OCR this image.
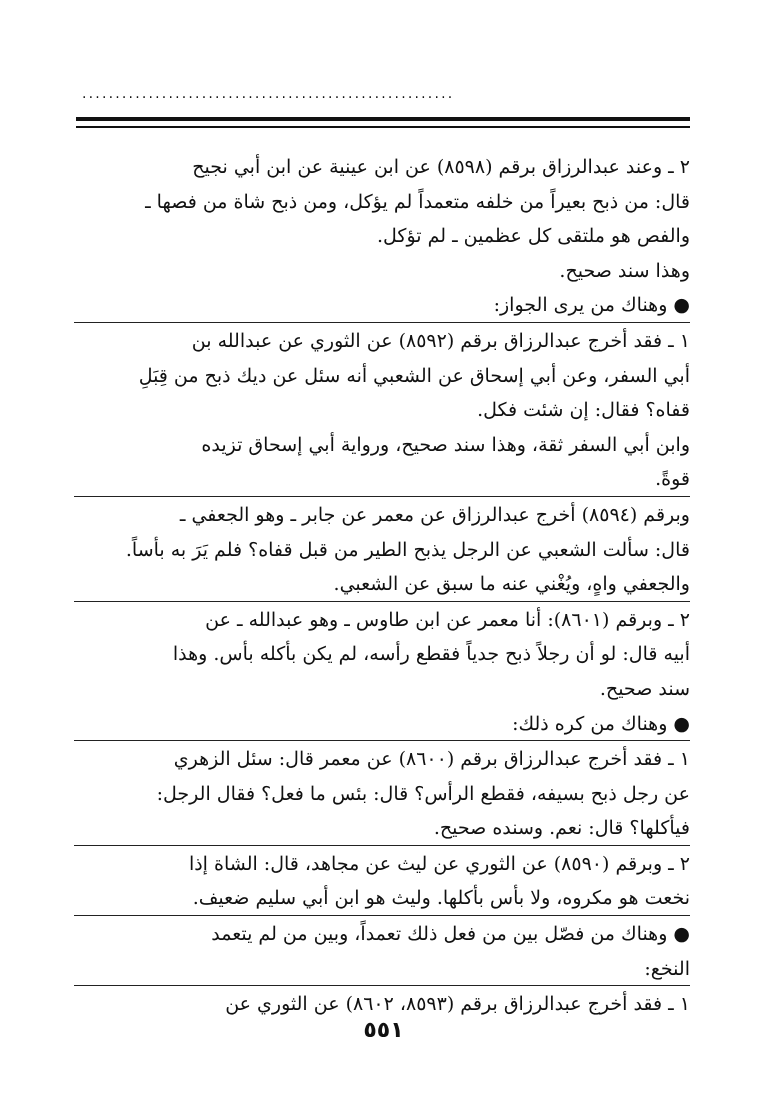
........................................................
٢ ـ وعند عبدالرزاق برقم (٨٥٩٨) عن ابن عينية عن ابن أبي نجيح
قال: من ذبح بعيراً من خلفه متعمداً لم يؤكل، ومن ذبح شاة من فصها ـ
والفص هو ملتقى كل عظمين ـ لم تؤكل.
وهذا سند صحيح.
● وهناك من يرى الجواز:
١ ـ فقد أخرج عبدالرزاق برقم (٨٥٩٢) عن الثوري عن عبدالله بن
أبي السفر، وعن أبي إسحاق عن الشعبي أنه سئل عن ديك ذبح من قِبَلِ
قفاه؟ فقال: إن شئت فكل.
وابن أبي السفر ثقة، وهذا سند صحيح، ورواية أبي إسحاق تزيده
قوةً.
وبرقم (٨٥٩٤) أخرج عبدالرزاق عن معمر عن جابر ـ وهو الجعفي ـ
قال: سألت الشعبي عن الرجل يذبح الطير من قبل قفاه؟ فلم يَرَ به بأساً.
والجعفي واهٍ، ويُغْني عنه ما سبق عن الشعبي.
٢ ـ وبرقم (٨٦٠١): أنا معمر عن ابن طاوس ـ وهو عبدالله ـ عن
أبيه قال: لو أن رجلاً ذبح جدياً فقطع رأسه، لم يكن بأكله بأس. وهذا
سند صحيح.
● وهناك من كره ذلك:
١ ـ فقد أخرج عبدالرزاق برقم (٨٦٠٠) عن معمر قال: سئل الزهري
عن رجل ذبح بسيفه، فقطع الرأس؟ قال: بئس ما فعل؟ فقال الرجل:
فيأكلها؟ قال: نعم. وسنده صحيح.
٢ ـ وبرقم (٨٥٩٠) عن الثوري عن ليث عن مجاهد، قال: الشاة إذا
نخعت هو مكروه، ولا بأس بأكلها. وليث هو ابن أبي سليم ضعيف.
● وهناك من فصّل بين من فعل ذلك تعمداً، وبين من لم يتعمد
النخع:
١ ـ فقد أخرج عبدالرزاق برقم (٨٥٩٣، ٨٦٠٢) عن الثوري عن
٥٥١
